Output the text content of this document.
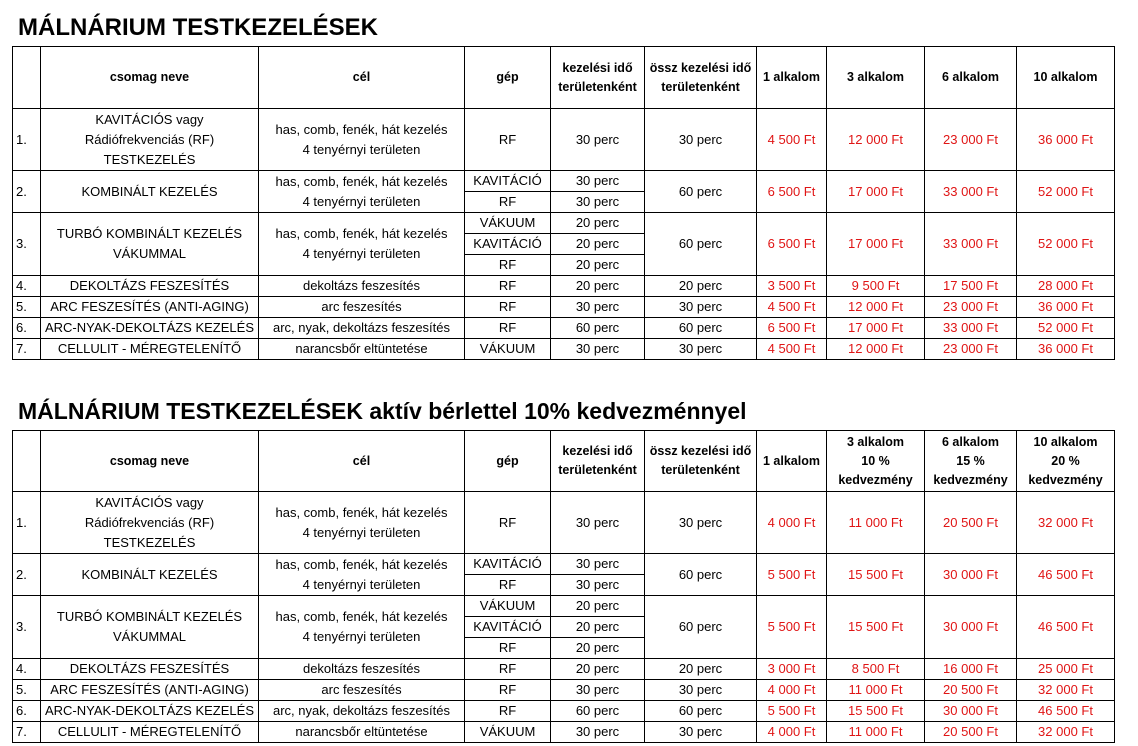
MÁLNÁRIUM TESTKEZELÉSEK
	csomag neve	cél	gép	kezelési idő
területenként	össz kezelési idő
területenként	1 alkalom	3 alkalom	6 alkalom	10 alkalom

1.	KAVITÁCIÓS vagy
Rádiófrekvenciás (RF)
TESTKEZELÉS	has, comb, fenék, hát kezelés
4 tenyérnyi területen	RF	30 perc	30 perc	4 500 Ft	12 000 Ft	23 000 Ft	36 000 Ft
2.	KOMBINÁLT KEZELÉS	has, comb, fenék, hát kezelés
4 tenyérnyi területen	KAVITÁCIÓ	30 perc	60 perc	6 500 Ft	17 000 Ft	33 000 Ft	52 000 Ft
			RF	30 perc					
3.	TURBÓ KOMBINÁLT KEZELÉS
VÁKUMMAL	has, comb, fenék, hát kezelés
4 tenyérnyi területen	VÁKUUM	20 perc	60 perc	6 500 Ft	17 000 Ft	33 000 Ft	52 000 Ft
			KAVITÁCIÓ	20 perc					
			RF	20 perc					
4.	DEKOLTÁZS FESZESÍTÉS	dekoltázs feszesítés	RF	20 perc	20 perc	3 500 Ft	9 500 Ft	17 500 Ft	28 000 Ft
5.	ARC FESZESÍTÉS (ANTI-AGING)	arc feszesítés	RF	30 perc	30 perc	4 500 Ft	12 000 Ft	23 000 Ft	36 000 Ft
6.	ARC-NYAK-DEKOLTÁZS KEZELÉS	arc, nyak, dekoltázs feszesítés	RF	60 perc	60 perc	6 500 Ft	17 000 Ft	33 000 Ft	52 000 Ft
7.	CELLULIT - MÉREGTELENÍTŐ	narancsbőr eltüntetése	VÁKUUM	30 perc	30 perc	4 500 Ft	12 000 Ft	23 000 Ft	36 000 Ft
MÁLNÁRIUM TESTKEZELÉSEK aktív bérlettel 10% kedvezménnyel
	csomag neve	cél	gép	kezelési idő
területenként	össz kezelési idő
területenként	1 alkalom	3 alkalom
10 %
kedvezmény	6 alkalom
15 %
kedvezmény	10 alkalom
20 %
kedvezmény

1.	KAVITÁCIÓS vagy
Rádiófrekvenciás (RF)
TESTKEZELÉS	has, comb, fenék, hát kezelés
4 tenyérnyi területen	RF	30 perc	30 perc	4 000 Ft	11 000 Ft	20 500 Ft	32 000 Ft
2.	KOMBINÁLT KEZELÉS	has, comb, fenék, hát kezelés
4 tenyérnyi területen	KAVITÁCIÓ	30 perc	60 perc	5 500 Ft	15 500 Ft	30 000 Ft	46 500 Ft
			RF	30 perc					
3.	TURBÓ KOMBINÁLT KEZELÉS
VÁKUMMAL	has, comb, fenék, hát kezelés
4 tenyérnyi területen	VÁKUUM	20 perc	60 perc	5 500 Ft	15 500 Ft	30 000 Ft	46 500 Ft
			KAVITÁCIÓ	20 perc					
			RF	20 perc					
4.	DEKOLTÁZS FESZESÍTÉS	dekoltázs feszesítés	RF	20 perc	20 perc	3 000 Ft	8 500 Ft	16 000 Ft	25 000 Ft
5.	ARC FESZESÍTÉS (ANTI-AGING)	arc feszesítés	RF	30 perc	30 perc	4 000 Ft	11 000 Ft	20 500 Ft	32 000 Ft
6.	ARC-NYAK-DEKOLTÁZS KEZELÉS	arc, nyak, dekoltázs feszesítés	RF	60 perc	60 perc	5 500 Ft	15 500 Ft	30 000 Ft	46 500 Ft
7.	CELLULIT - MÉREGTELENÍTŐ	narancsbőr eltüntetése	VÁKUUM	30 perc	30 perc	4 000 Ft	11 000 Ft	20 500 Ft	32 000 Ft
